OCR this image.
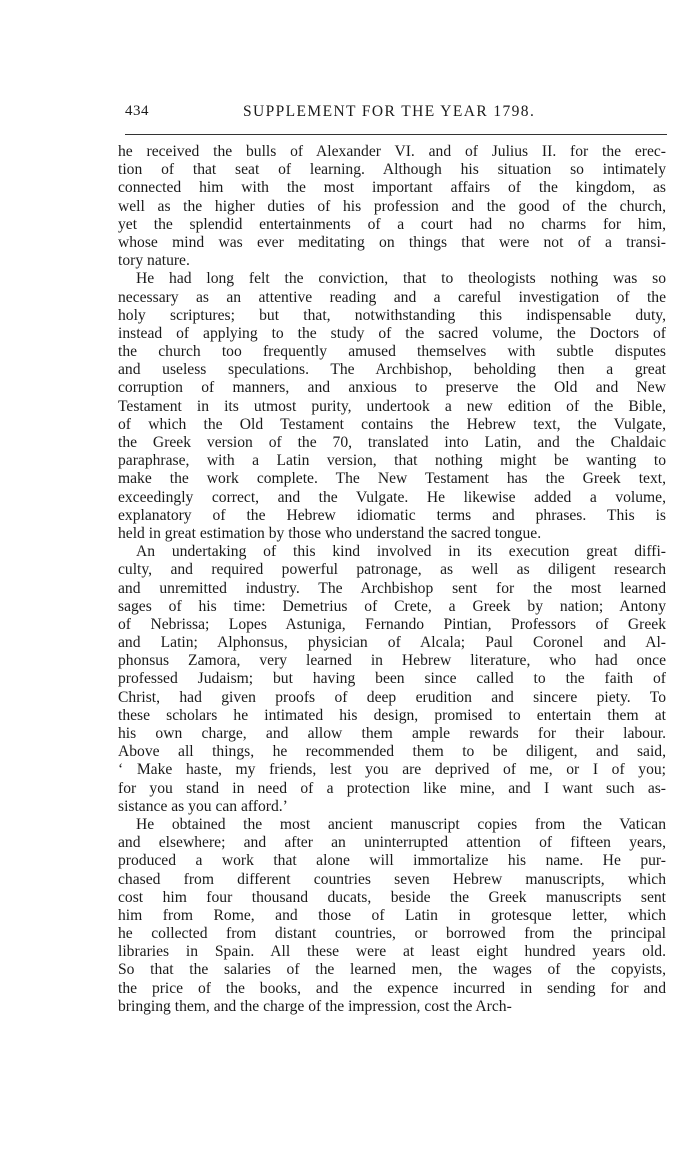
434	SUPPLEMENT FOR THE YEAR 1798.
he received the bulls of Alexander VI. and of Julius II. for the erec-
tion of that seat of learning. Although his situation so intimately
connected him with the most important affairs of the kingdom, as
well as the higher duties of his profession and the good of the church,
yet the splendid entertainments of a court had no charms for him,
whose mind was ever meditating on things that were not of a transi-
tory nature.
He had long felt the conviction, that to theologists nothing was so
necessary as an attentive reading and a careful investigation of the
holy scriptures; but that, notwithstanding this indispensable duty,
instead of applying to the study of the sacred volume, the Doctors of
the church too frequently amused themselves with subtle disputes
and useless speculations. The Archbishop, beholding then a great
corruption of manners, and anxious to preserve the Old and New
Testament in its utmost purity, undertook a new edition of the Bible,
of which the Old Testament contains the Hebrew text, the Vulgate,
the Greek version of the 70, translated into Latin, and the Chaldaic
paraphrase, with a Latin version, that nothing might be wanting to
make the work complete. The New Testament has the Greek text,
exceedingly correct, and the Vulgate. He likewise added a volume,
explanatory of the Hebrew idiomatic terms and phrases. This is
held in great estimation by those who understand the sacred tongue.
An undertaking of this kind involved in its execution great diffi-
culty, and required powerful patronage, as well as diligent research
and unremitted industry. The Archbishop sent for the most learned
sages of his time: Demetrius of Crete, a Greek by nation; Antony
of Nebrissa; Lopes Astuniga, Fernando Pintian, Professors of Greek
and Latin; Alphonsus, physician of Alcala; Paul Coronel and Al-
phonsus Zamora, very learned in Hebrew literature, who had once
professed Judaism; but having been since called to the faith of
Christ, had given proofs of deep erudition and sincere piety. To
these scholars he intimated his design, promised to entertain them at
his own charge, and allow them ample rewards for their labour.
Above all things, he recommended them to be diligent, and said,
‘ Make haste, my friends, lest you are deprived of me, or I of you;
for you stand in need of a protection like mine, and I want such as-
sistance as you can afford.’
He obtained the most ancient manuscript copies from the Vatican
and elsewhere; and after an uninterrupted attention of fifteen years,
produced a work that alone will immortalize his name. He pur-
chased from different countries seven Hebrew manuscripts, which
cost him four thousand ducats, beside the Greek manuscripts sent
him from Rome, and those of Latin in grotesque letter, which
he collected from distant countries, or borrowed from the principal
libraries in Spain. All these were at least eight hundred years old.
So that the salaries of the learned men, the wages of the copyists,
the price of the books, and the expence incurred in sending for and
bringing them, and the charge of the impression, cost the Arch-
